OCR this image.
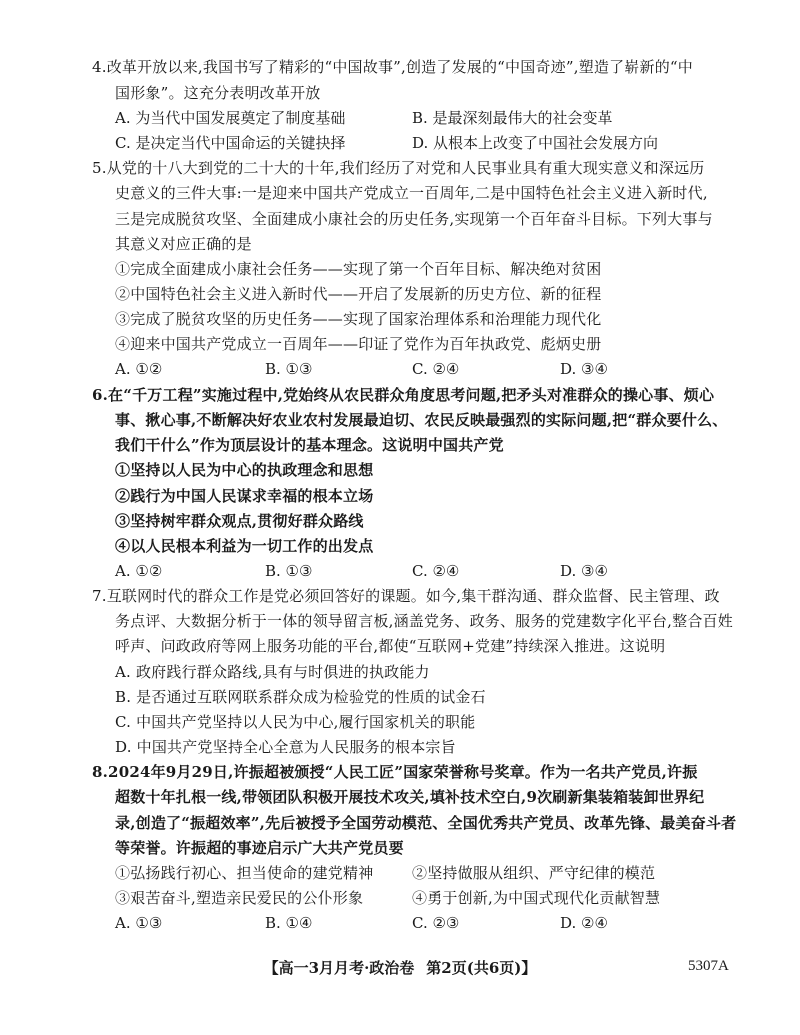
4.改革开放以来,我国书写了精彩的“中国故事”,创造了发展的“中国奇迹”,塑造了崭新的“中
国形象”。这充分表明改革开放
A. 为当代中国发展奠定了制度基础	B. 是最深刻最伟大的社会变革
C. 是决定当代中国命运的关键抉择	D. 从根本上改变了中国社会发展方向
5.从党的十八大到党的二十大的十年,我们经历了对党和人民事业具有重大现实意义和深远历
史意义的三件大事:一是迎来中国共产党成立一百周年,二是中国特色社会主义进入新时代,
三是完成脱贫攻坚、全面建成小康社会的历史任务,实现第一个百年奋斗目标。下列大事与
其意义对应正确的是
①完成全面建成小康社会任务——实现了第一个百年目标、解决绝对贫困
②中国特色社会主义进入新时代——开启了发展新的历史方位、新的征程
③完成了脱贫攻坚的历史任务——实现了国家治理体系和治理能力现代化
④迎来中国共产党成立一百周年——印证了党作为百年执政党、彪炳史册
A. ①②	B. ①③	C. ②④	D. ③④
6.在“千万工程”实施过程中,党始终从农民群众角度思考问题,把矛头对准群众的操心事、烦心
事、揪心事,不断解决好农业农村发展最迫切、农民反映最强烈的实际问题,把“群众要什么、
我们干什么”作为顶层设计的基本理念。这说明中国共产党
①坚持以人民为中心的执政理念和思想
②践行为中国人民谋求幸福的根本立场
③坚持树牢群众观点,贯彻好群众路线
④以人民根本利益为一切工作的出发点
A. ①②	B. ①③	C. ②④	D. ③④
7.互联网时代的群众工作是党必须回答好的课题。如今,集干群沟通、群众监督、民主管理、政
务点评、大数据分析于一体的领导留言板,涵盖党务、政务、服务的党建数字化平台,整合百姓
呼声、问政政府等网上服务功能的平台,都使“互联网+党建”持续深入推进。这说明
A. 政府践行群众路线,具有与时俱进的执政能力
B. 是否通过互联网联系群众成为检验党的性质的试金石
C. 中国共产党坚持以人民为中心,履行国家机关的职能
D. 中国共产党坚持全心全意为人民服务的根本宗旨
8.2024年9月29日,许振超被颁授“人民工匠”国家荣誉称号奖章。作为一名共产党员,许振
超数十年扎根一线,带领团队积极开展技术攻关,填补技术空白,9次刷新集装箱装卸世界纪
录,创造了“振超效率”,先后被授予全国劳动模范、全国优秀共产党员、改革先锋、最美奋斗者
等荣誉。许振超的事迹启示广大共产党员要
①弘扬践行初心、担当使命的建党精神	②坚持做服从组织、严守纪律的模范
③艰苦奋斗,塑造亲民爱民的公仆形象	④勇于创新,为中国式现代化贡献智慧
A. ①③	B. ①④	C. ②③	D. ②④
【高一3月月考·政治卷 第2页(共6页)】	5307A
